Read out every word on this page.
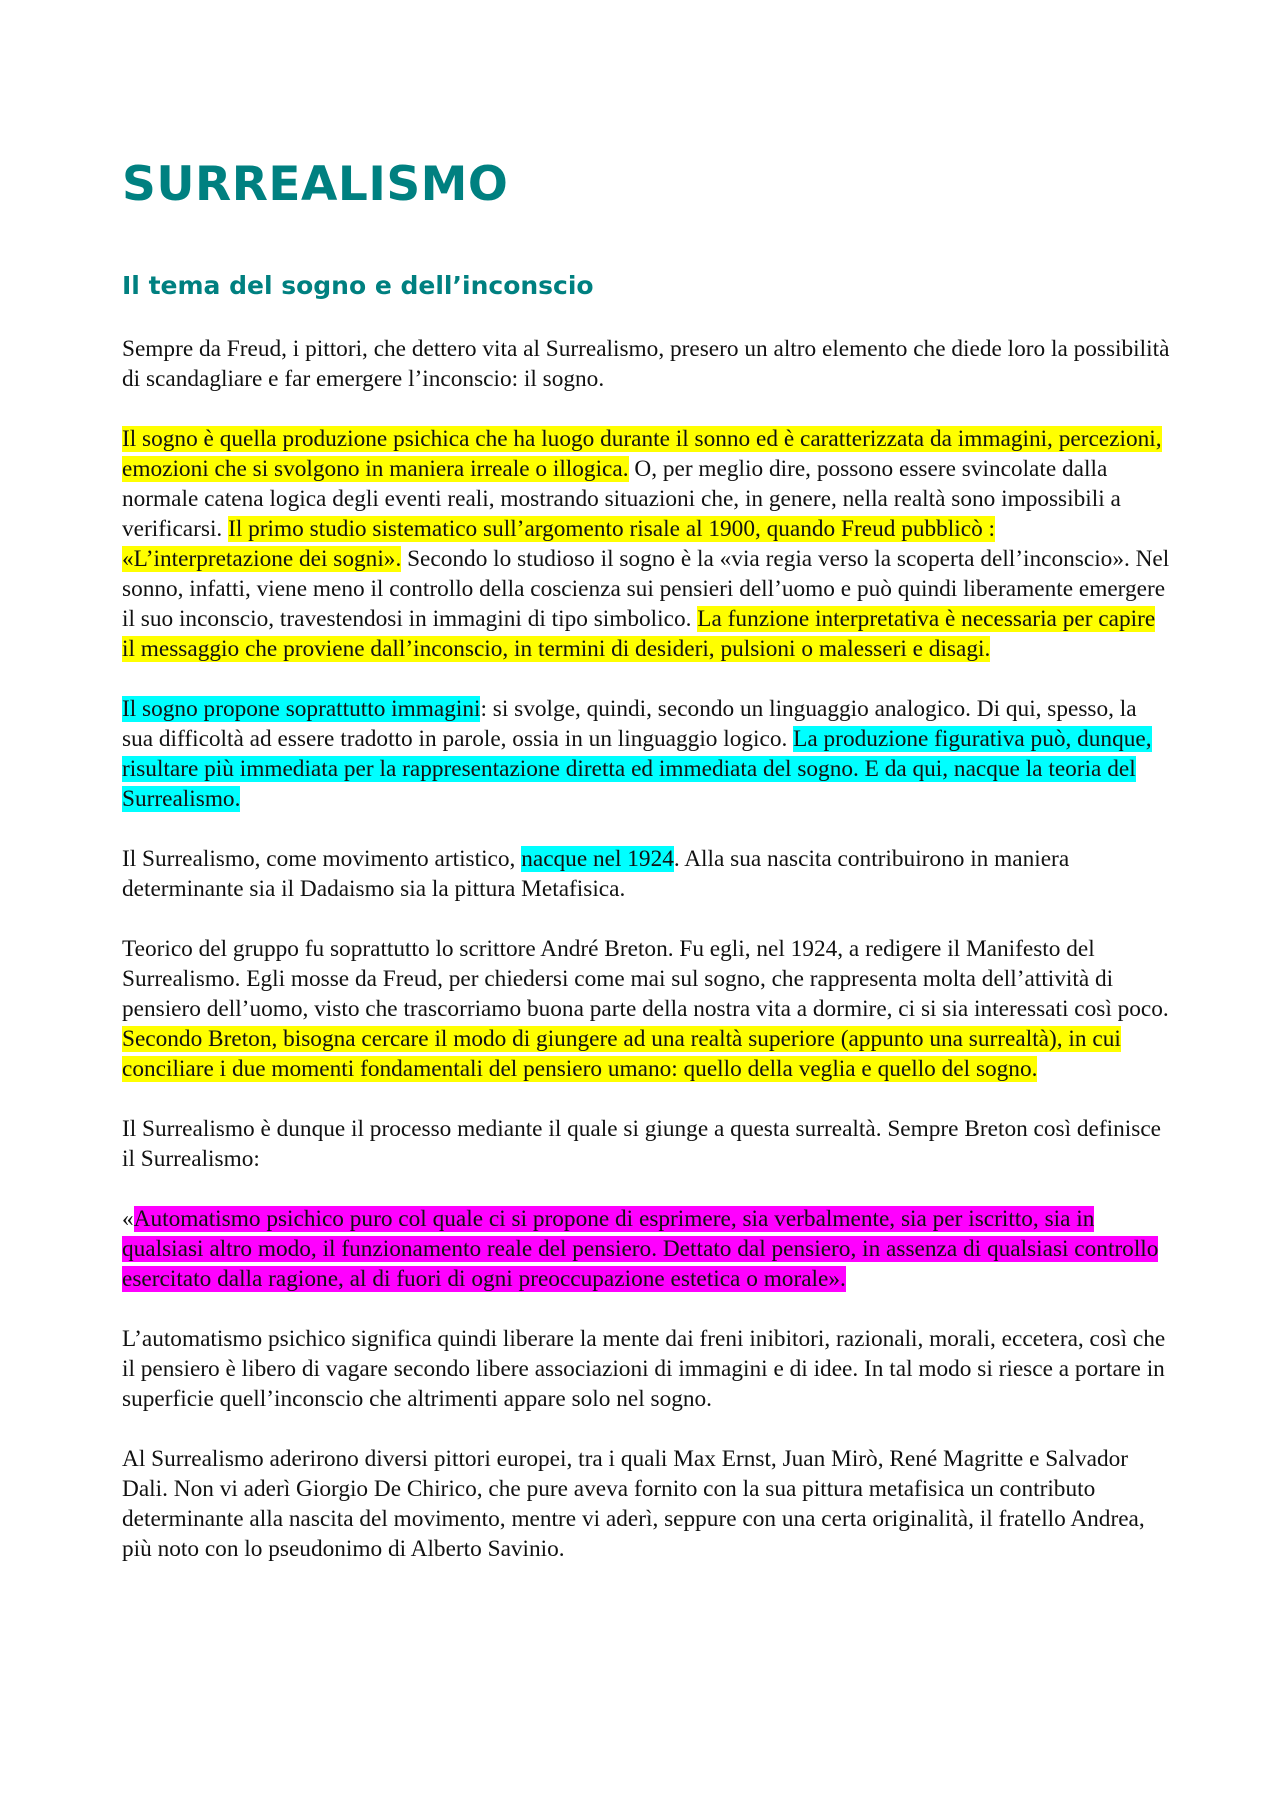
SURREALISMO
Il tema del sogno e dell’inconscio

Sempre da Freud, i pittori, che dettero vita al Surrealismo, presero un altro elemento che diede loro la possibilità di scandagliare e far emergere l’inconscio: il sogno.

Il sogno è quella produzione psichica che ha luogo durante il sonno ed è caratterizzata da immagini, percezioni, emozioni che si svolgono in maniera irreale o illogica. O, per meglio dire, possono essere svincolate dalla normale catena logica degli eventi reali, mostrando situazioni che, in genere, nella realtà sono impossibili a verificarsi. Il primo studio sistematico sull’argomento risale al 1900, quando Freud pubblicò : «L’interpretazione dei sogni». Secondo lo studioso il sogno è la «via regia verso la scoperta dell’inconscio». Nel sonno, infatti, viene meno il controllo della coscienza sui pensieri dell’uomo e può quindi liberamente emergere il suo inconscio, travestendosi in immagini di tipo simbolico. La funzione interpretativa è necessaria per capire il messaggio che proviene dall’inconscio, in termini di desideri, pulsioni o malesseri e disagi.

Il sogno propone soprattutto immagini: si svolge, quindi, secondo un linguaggio analogico. Di qui, spesso, la sua difficoltà ad essere tradotto in parole, ossia in un linguaggio logico. La produzione figurativa può, dunque, risultare più immediata per la rappresentazione diretta ed immediata del sogno. E da qui, nacque la teoria del Surrealismo.

Il Surrealismo, come movimento artistico, nacque nel 1924. Alla sua nascita contribuirono in maniera determinante sia il Dadaismo sia la pittura Metafisica.

Teorico del gruppo fu soprattutto lo scrittore André Breton. Fu egli, nel 1924, a redigere il Manifesto del Surrealismo. Egli mosse da Freud, per chiedersi come mai sul sogno, che rappresenta molta dell’attività di pensiero dell’uomo, visto che trascorriamo buona parte della nostra vita a dormire, ci si sia interessati così poco. Secondo Breton, bisogna cercare il modo di giungere ad una realtà superiore (appunto una surrealtà), in cui conciliare i due momenti fondamentali del pensiero umano: quello della veglia e quello del sogno.

Il Surrealismo è dunque il processo mediante il quale si giunge a questa surrealtà. Sempre Breton così definisce il Surrealismo:

«Automatismo psichico puro col quale ci si propone di esprimere, sia verbalmente, sia per iscritto, sia in qualsiasi altro modo, il funzionamento reale del pensiero. Dettato dal pensiero, in assenza di qualsiasi controllo esercitato dalla ragione, al di fuori di ogni preoccupazione estetica o morale».

L’automatismo psichico significa quindi liberare la mente dai freni inibitori, razionali, morali, eccetera, così che il pensiero è libero di vagare secondo libere associazioni di immagini e di idee. In tal modo si riesce a portare in superficie quell’inconscio che altrimenti appare solo nel sogno.

Al Surrealismo aderirono diversi pittori europei, tra i quali Max Ernst, Juan Mirò, René Magritte e Salvador Dali. Non vi aderì Giorgio De Chirico, che pure aveva fornito con la sua pittura metafisica un contributo determinante alla nascita del movimento, mentre vi aderì, seppure con una certa originalità, il fratello Andrea, più noto con lo pseudonimo di Alberto Savinio.
